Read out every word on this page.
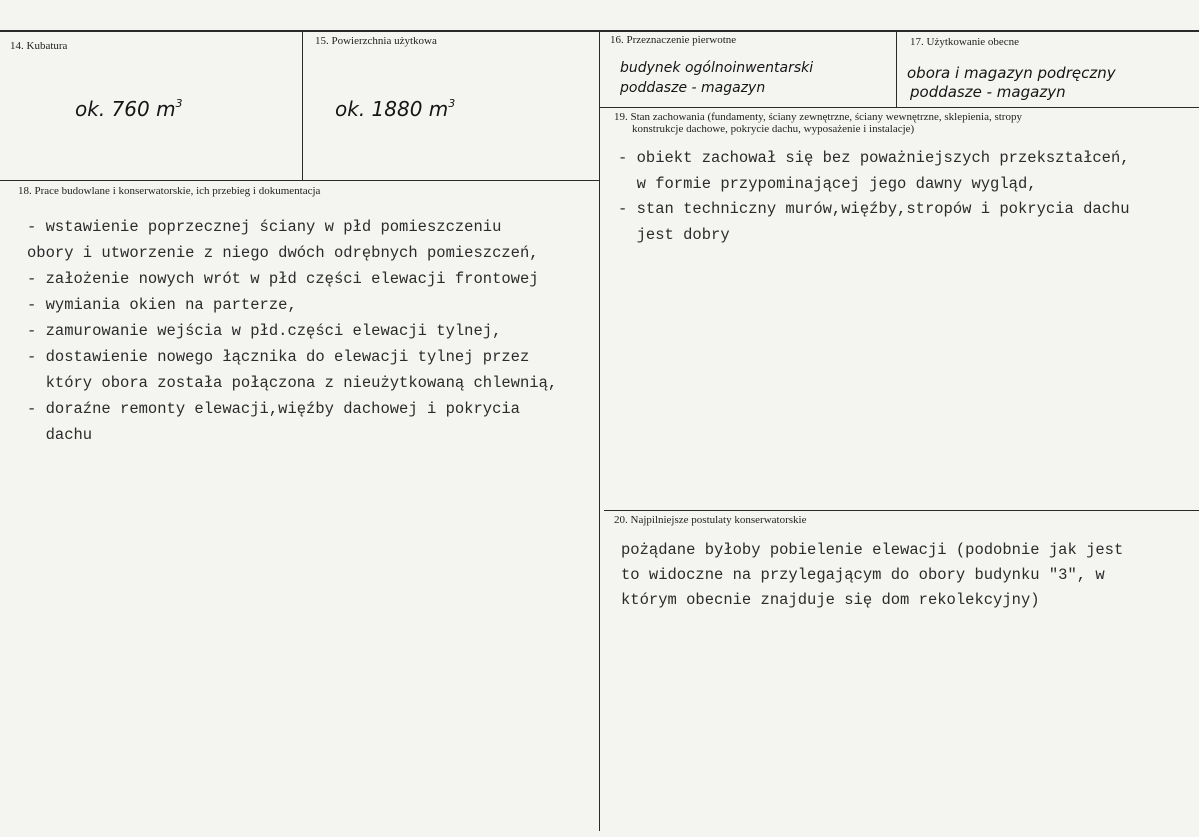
14. Kubatura
ok. 760 $m^3$
15. Powierzchnia użytkowa
ok. 1880 $m^3$
16. Przeznaczenie pierwotne
budynek ogólnoinwentarski
poddasze - magazyn
17. Użytkowanie obecne
obora i magazyn podręczny
poddasze - magazyn
19. Stan zachowania (fundamenty, ściany zewnętrzne, ściany wewnętrzne, sklepienia, stropy
konstrukcje dachowe, pokrycie dachu, wyposażenie i instalacje)
- obiekt zachował się bez poważniejszych przekształceń,
w formie przypominającej jego dawny wygląd,
- stan techniczny murów,więźby,stropów i pokrycia dachu
jest dobry
18. Prace budowlane i konserwatorskie, ich przebieg i dokumentacja
- wstawienie poprzecznej ściany w płd pomieszczeniu
obory i utworzenie z niego dwóch odrębnych pomieszczeń,
- założenie nowych wrót w płd części elewacji frontowej
- wymiania okien na parterze,
- zamurowanie wejścia w płd.części elewacji tylnej,
- dostawienie nowego łącznika do elewacji tylnej przez
który obora została połączona z nieużytkowaną chlewnią,
- doraźne remonty elewacji,więźby dachowej i pokrycia
dachu
20. Najpilniejsze postulaty konserwatorskie
pożądane byłoby pobielenie elewacji (podobnie jak jest
to widoczne na przylegającym do obory budynku "3", w
którym obecnie znajduje się dom rekolekcyjny)
